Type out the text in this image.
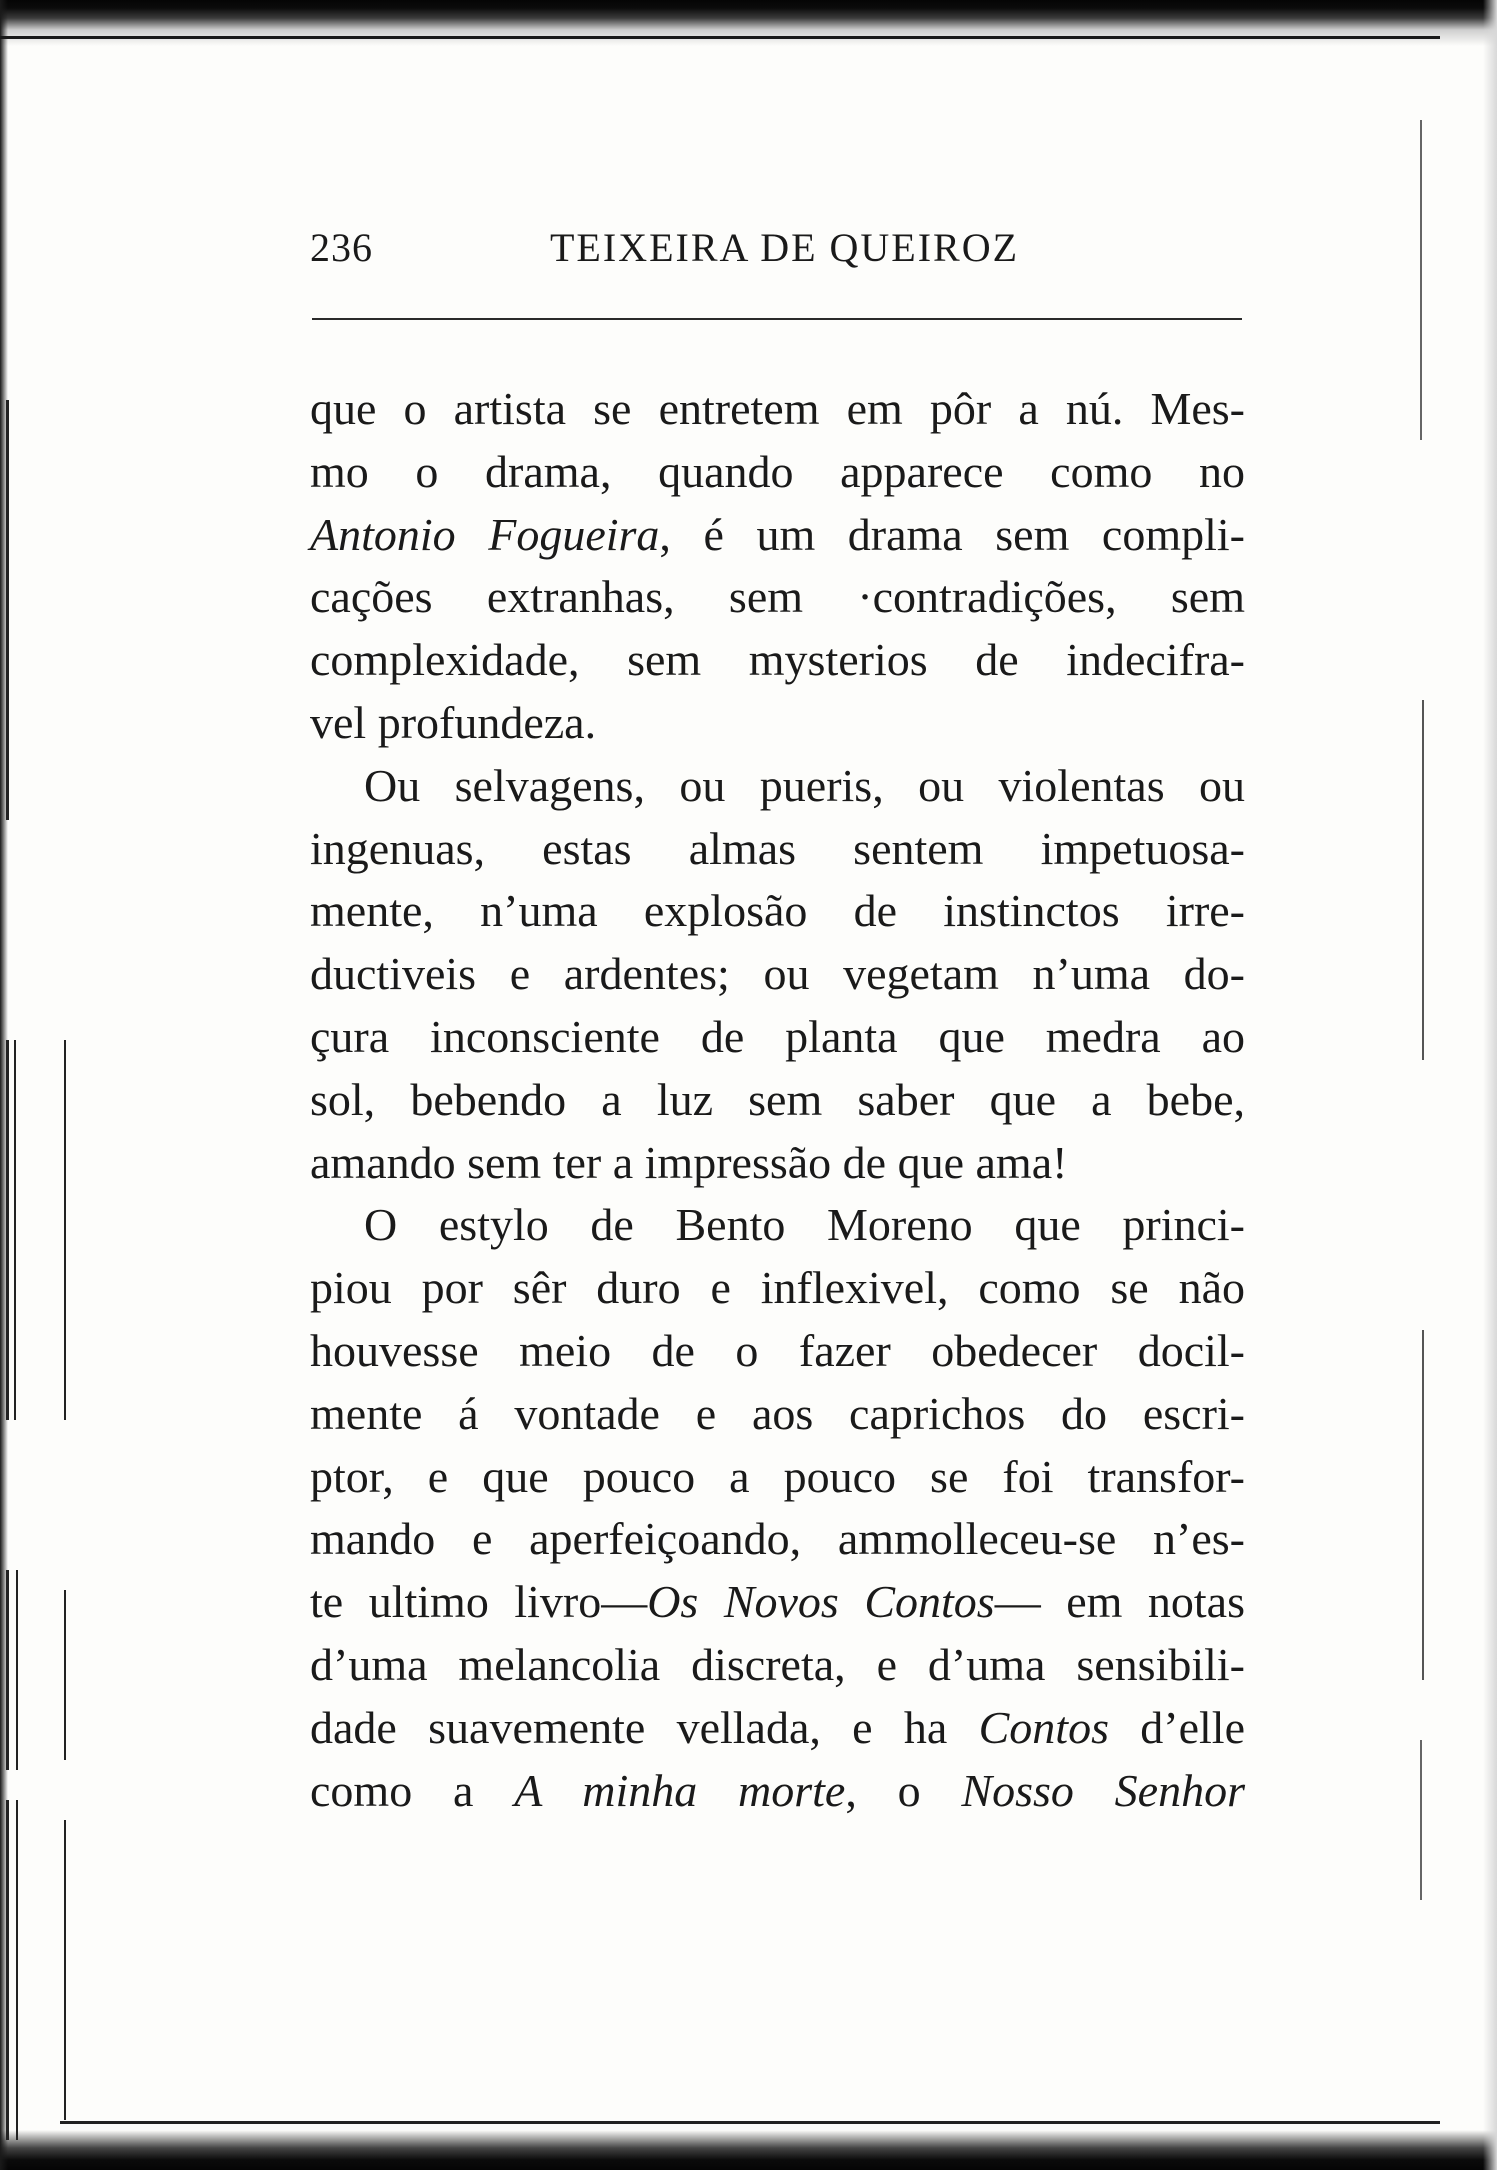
236	TEIXEIRA DE QUEIROZ
que o artista se entretem em pôr a nú. Mes-
mo o drama, quando apparece como no
Antonio Fogueira, é um drama sem compli-
cações extranhas, sem ·contradições, sem
complexidade, sem mysterios de indecifra-
vel profundeza.
Ou selvagens, ou pueris, ou violentas ou
ingenuas, estas almas sentem impetuosa-
mente, n’uma explosão de instinctos irre-
ductiveis e ardentes; ou vegetam n’uma do-
çura inconsciente de planta que medra ao
sol, bebendo a luz sem saber que a bebe,
amando sem ter a impressão de que ama!
O estylo de Bento Moreno que princi-
piou por sêr duro e inflexivel, como se não
houvesse meio de o fazer obedecer docil-
mente á vontade e aos caprichos do escri-
ptor, e que pouco a pouco se foi transfor-
mando e aperfeiçoando, ammolleceu-se n’es-
te ultimo livro—Os Novos Contos— em notas
d’uma melancolia discreta, e d’uma sensibili-
dade suavemente vellada, e ha Contos d’elle
como a A minha morte, o Nosso Senhor
